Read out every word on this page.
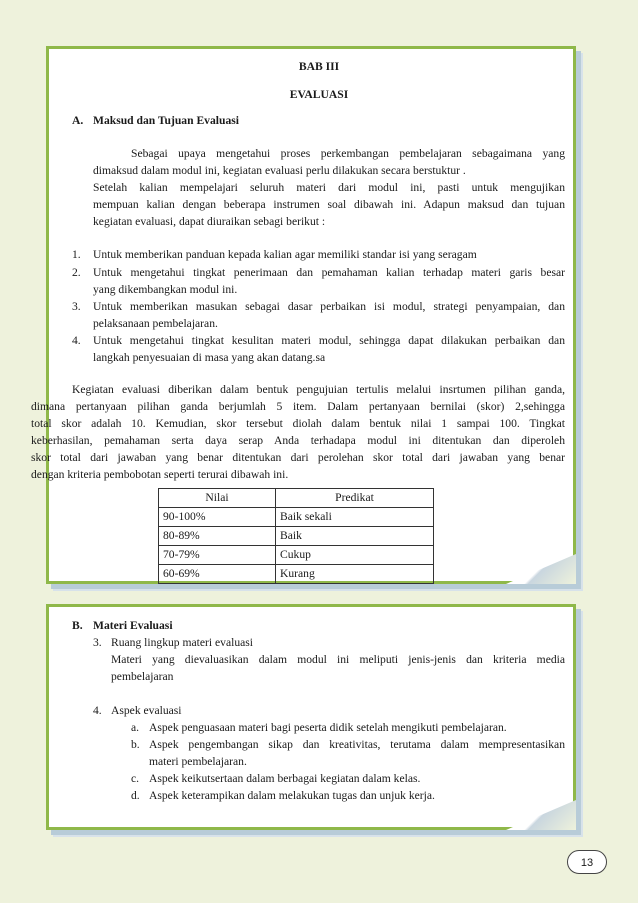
BAB III
EVALUASI
A. Maksud dan Tujuan Evaluasi
Sebagai upaya mengetahui proses perkembangan pembelajaran sebagaimana yang
dimaksud dalam modul ini, kegiatan evaluasi perlu dilakukan secara berstuktur .
Setelah kalian mempelajari seluruh materi dari modul ini, pasti untuk mengujikan
mempuan kalian dengan beberapa instrumen soal dibawah ini. Adapun maksud dan tujuan
kegiatan evaluasi, dapat diuraikan sebagi berikut :
1. Untuk memberikan panduan kepada kalian agar memiliki standar isi yang seragam
2. Untuk mengetahui tingkat penerimaan dan pemahaman kalian terhadap materi garis besar
yang dikembangkan modul ini.
3. Untuk memberikan masukan sebagai dasar perbaikan isi modul, strategi penyampaian, dan
pelaksanaan pembelajaran.
4. Untuk mengetahui tingkat kesulitan materi modul, sehingga dapat dilakukan perbaikan dan
langkah penyesuaian di masa yang akan datang.sa
Kegiatan evaluasi diberikan dalam bentuk pengujuian tertulis melalui insrtumen pilihan ganda,
dimana pertanyaan pilihan ganda berjumlah 5 item. Dalam pertanyaan bernilai (skor) 2,sehingga
total skor adalah 10. Kemudian, skor tersebut diolah dalam bentuk nilai 1 sampai 100. Tingkat
keberhasilan, pemahaman serta daya serap Anda terhadapa modul ini ditentukan dan diperoleh
skor total dari jawaban yang benar ditentukan dari perolehan skor total dari jawaban yang benar
dengan kriteria pembobotan seperti terurai dibawah ini.
Nilai	Predikat
90-100%	Baik sekali
80-89%	Baik
70-79%	Cukup
60-69%	Kurang
B. Materi Evaluasi
3. Ruang lingkup materi evaluasi
Materi yang dievaluasikan dalam modul ini meliputi jenis-jenis dan kriteria media
pembelajaran
4. Aspek evaluasi
a. Aspek penguasaan materi bagi peserta didik setelah mengikuti pembelajaran.
b. Aspek pengembangan sikap dan kreativitas, terutama dalam mempresentasikan
materi pembelajaran.
c. Aspek keikutsertaan dalam berbagai kegiatan dalam kelas.
d. Aspek keterampikan dalam melakukan tugas dan unjuk kerja.
13
